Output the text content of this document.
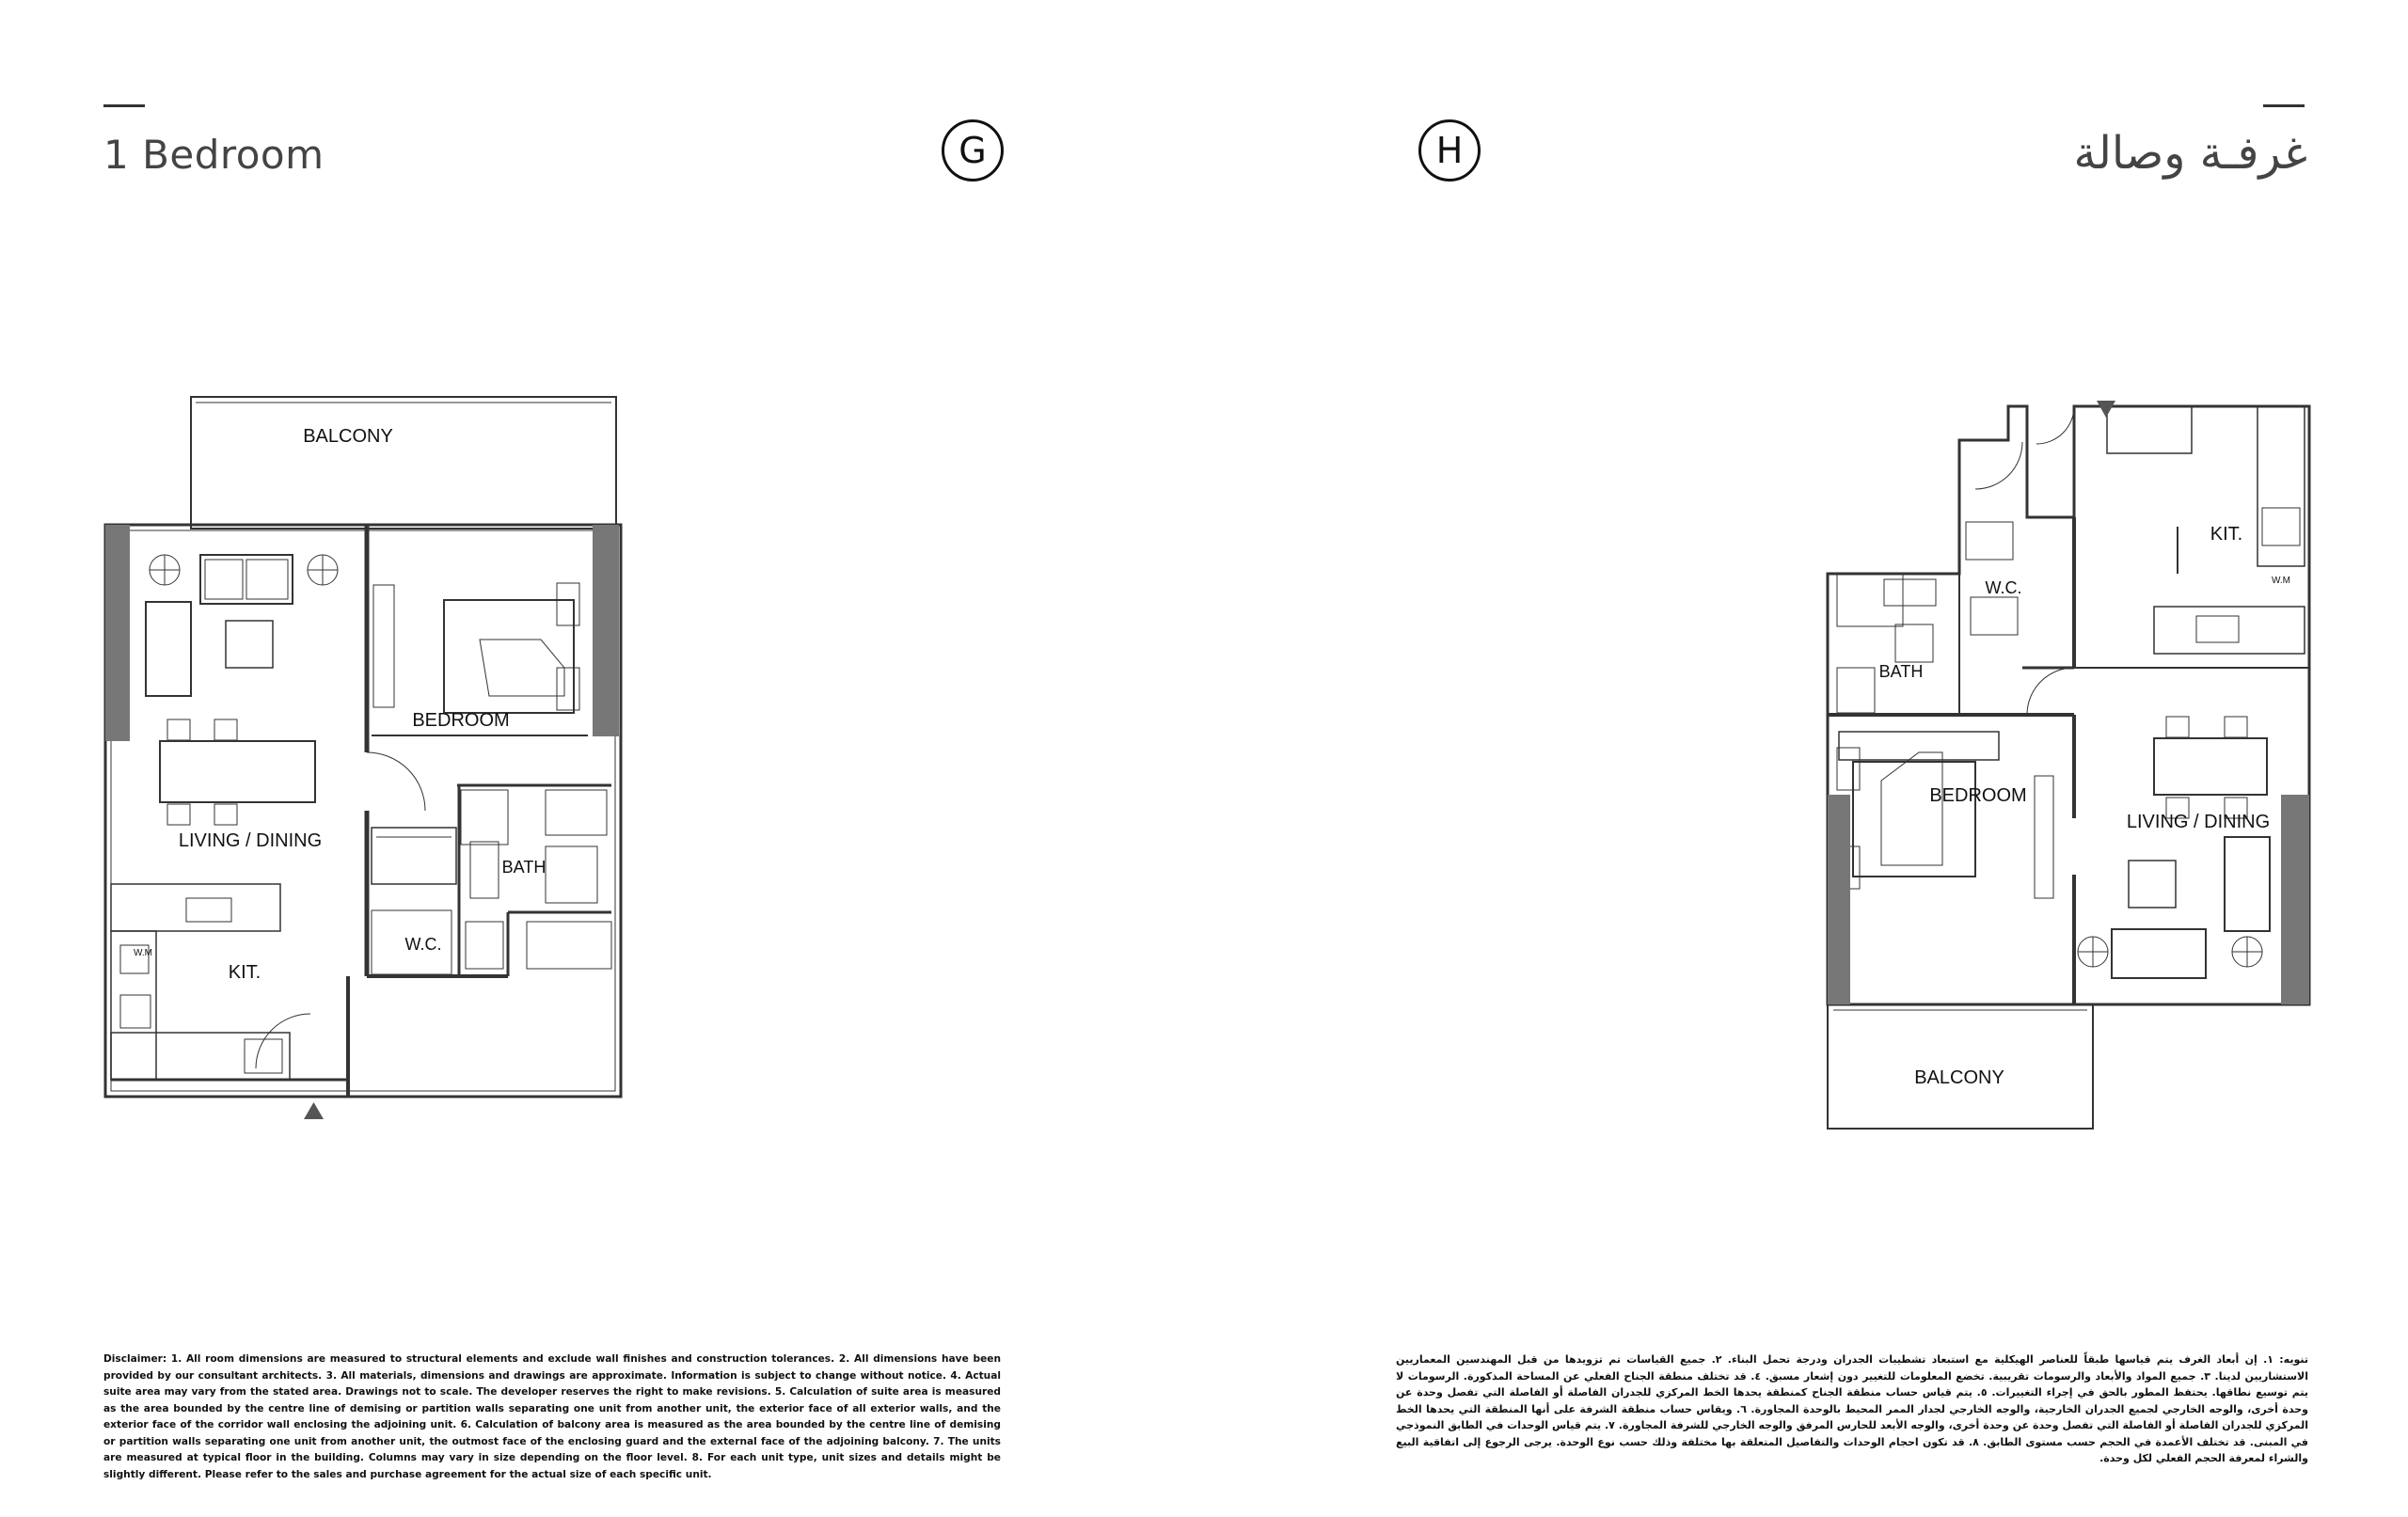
1 Bedroom	غرفـة وصالة
G	H
BALCONY
BEDROOM
LIVING / DINING
BATH
W.C.
KIT.
W.M
BALCONY
BEDROOM
LIVING / DINING
BATH
W.C.
KIT.
W.M
Disclaimer: 1. All room dimensions are measured to structural elements and exclude wall finishes and construction tolerances. 2. All dimensions have been provided by our consultant architects. 3. All materials, dimensions and drawings are approximate. Information is subject to change without notice. 4. Actual suite area may vary from the stated area. Drawings not to scale. The developer reserves the right to make revisions. 5. Calculation of suite area is measured as the area bounded by the centre line of demising or partition walls separating one unit from another unit, the exterior face of all exterior walls, and the exterior face of the corridor wall enclosing the adjoining unit. 6. Calculation of balcony area is measured as the area bounded by the centre line of demising or partition walls separating one unit from another unit, the outmost face of the enclosing guard and the external face of the adjoining balcony. 7. The units are measured at typical floor in the building. Columns may vary in size depending on the floor level. 8. For each unit type, unit sizes and details might be slightly different. Please refer to the sales and purchase agreement for the actual size of each specific unit.
تنويه: ١. إن أبعاد الغرف يتم قياسها طبقاً للعناصر الهيكلية مع استبعاد تشطيبات الجدران ودرجة تحمل البناء. ٢. جميع القياسات تم تزويدها من قبل المهندسين المعماريين الاستشاريين لدينا. ٣. جميع المواد والأبعاد والرسومات تقريبية. تخضع المعلومات للتغيير دون إشعار مسبق. ٤. قد تختلف منطقة الجناح الفعلي عن المساحة المذكورة. الرسومات لا يتم توسيع نطاقها. يحتفظ المطور بالحق في إجراء التغييرات. ٥. يتم قياس حساب منطقة الجناح كمنطقة يحدها الخط المركزي للجدران الفاصلة أو الفاصلة التي تفصل وحدة عن وحدة أخرى، والوجه الخارجي لجميع الجدران الخارجية، والوجه الخارجي لجدار الممر المحيط بالوحدة المجاورة. ٦. ويقاس حساب منطقة الشرفة على أنها المنطقة التي يحدها الخط المركزي للجدران الفاصلة أو الفاصلة التي تفصل وحدة عن وحدة أخرى، والوجه الأبعد للحارس المرفق والوجه الخارجي للشرفة المجاورة. ٧. يتم قياس الوحدات في الطابق النموذجي في المبنى. قد تختلف الأعمدة في الحجم حسب مستوى الطابق. ٨. قد تكون احجام الوحدات والتفاصيل المتعلقة بها مختلفة وذلك حسب نوع الوحدة. يرجى الرجوع إلى اتفاقية البيع والشراء لمعرفة الحجم الفعلي لكل وحدة.
